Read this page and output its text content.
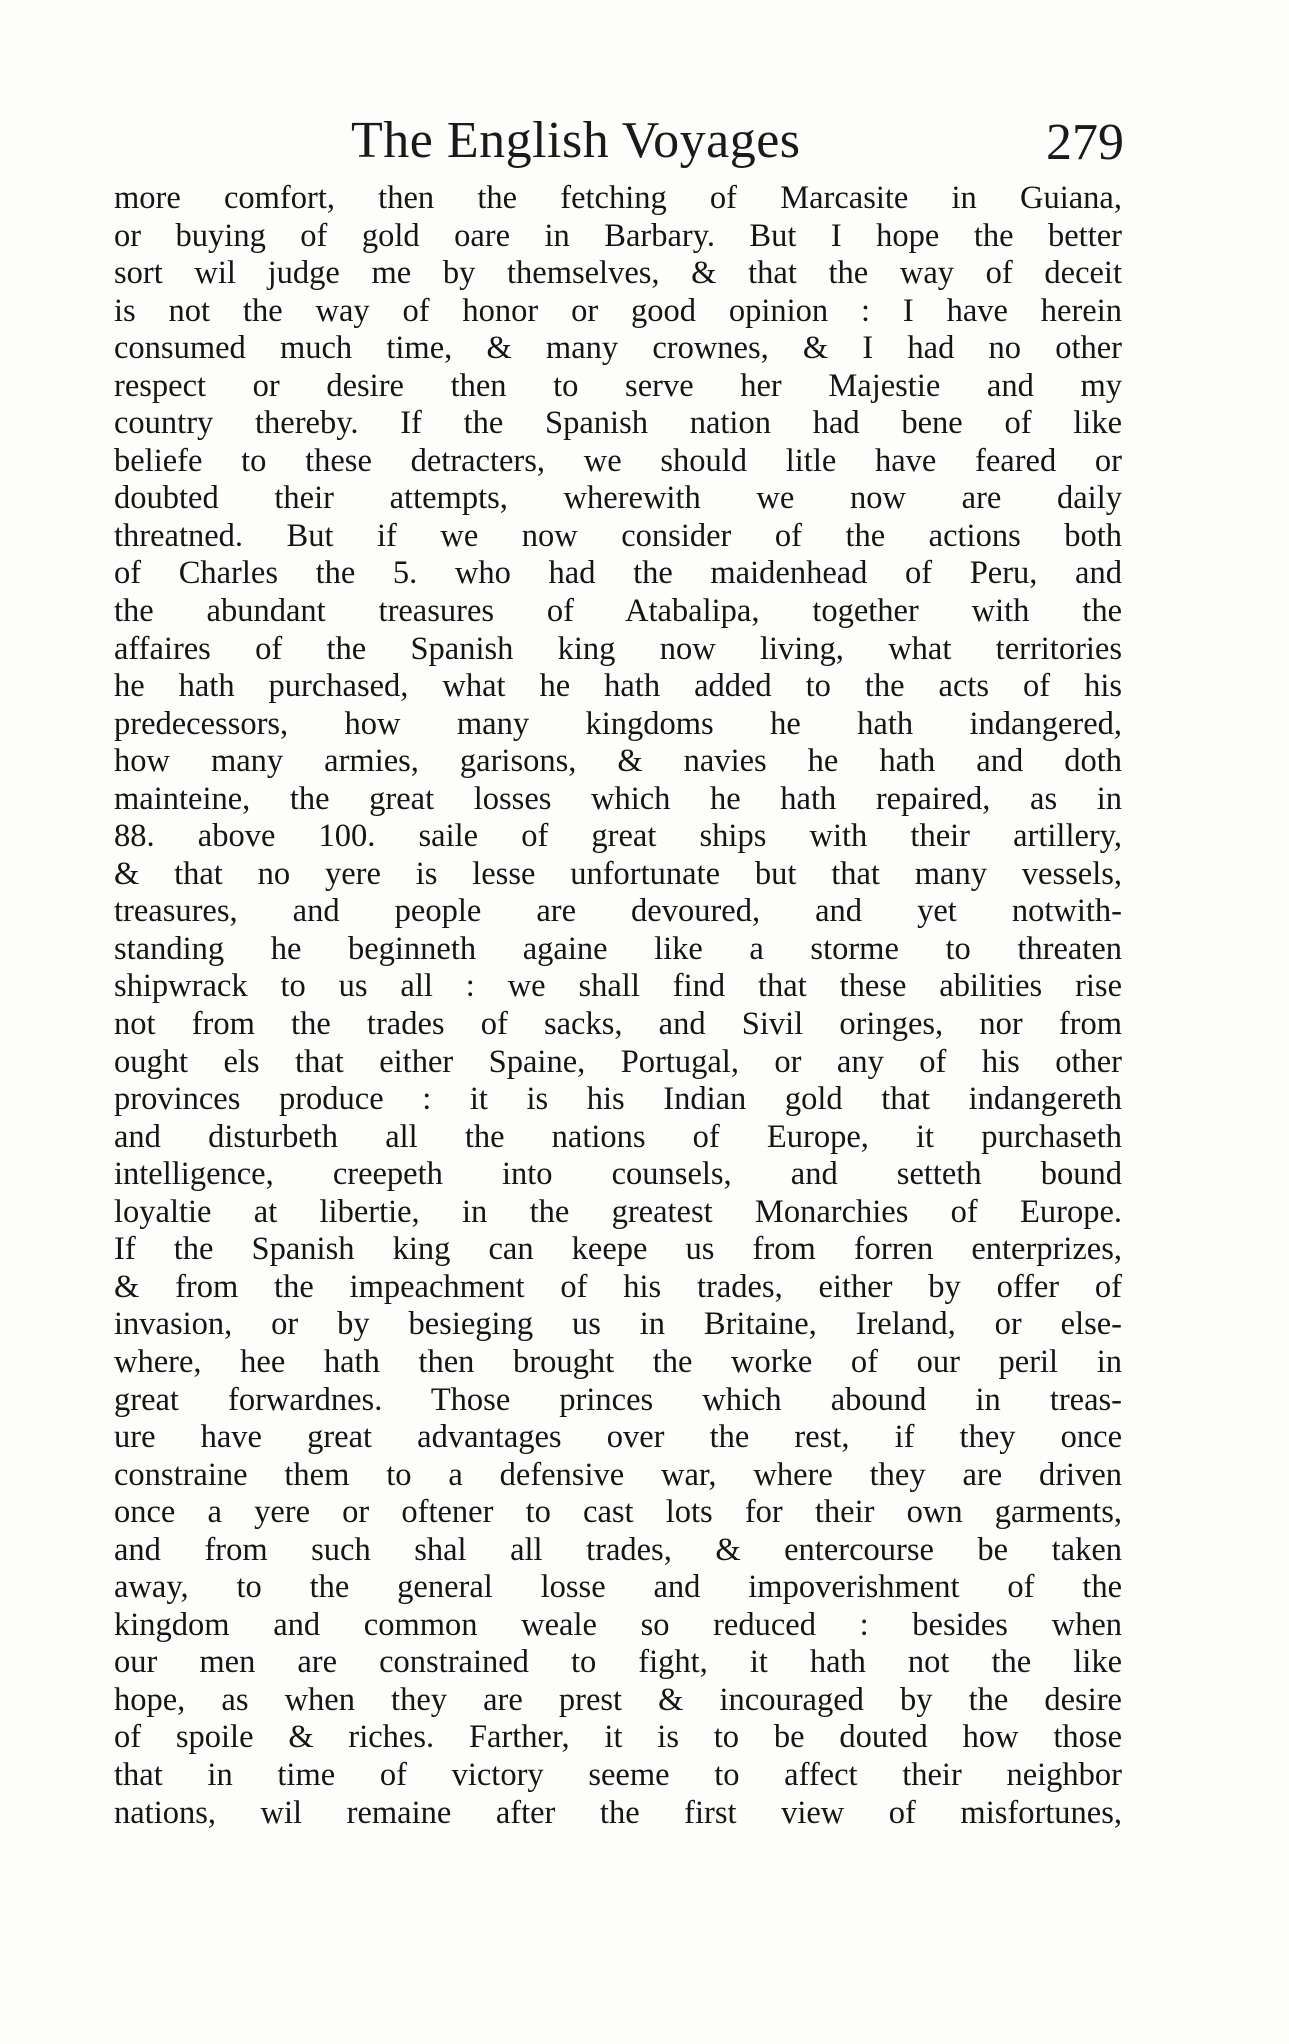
The English Voyages	279
more comfort, then the fetching of Marcasite in Guiana,
or buying of gold oare in Barbary. But I hope the better
sort wil judge me by themselves, & that the way of deceit
is not the way of honor or good opinion : I have herein
consumed much time, & many crownes, & I had no other
respect or desire then to serve her Majestie and my
country thereby. If the Spanish nation had bene of like
beliefe to these detracters, we should litle have feared or
doubted their attempts, wherewith we now are daily
threatned. But if we now consider of the actions both
of Charles the 5. who had the maidenhead of Peru, and
the abundant treasures of Atabalipa, together with the
affaires of the Spanish king now living, what territories
he hath purchased, what he hath added to the acts of his
predecessors, how many kingdoms he hath indangered,
how many armies, garisons, & navies he hath and doth
mainteine, the great losses which he hath repaired, as in
88. above 100. saile of great ships with their artillery,
& that no yere is lesse unfortunate but that many vessels,
treasures, and people are devoured, and yet notwith-
standing he beginneth againe like a storme to threaten
shipwrack to us all : we shall find that these abilities rise
not from the trades of sacks, and Sivil oringes, nor from
ought els that either Spaine, Portugal, or any of his other
provinces produce : it is his Indian gold that indangereth
and disturbeth all the nations of Europe, it purchaseth
intelligence, creepeth into counsels, and setteth bound
loyaltie at libertie, in the greatest Monarchies of Europe.
If the Spanish king can keepe us from forren enterprizes,
& from the impeachment of his trades, either by offer of
invasion, or by besieging us in Britaine, Ireland, or else-
where, hee hath then brought the worke of our peril in
great forwardnes. Those princes which abound in treas-
ure have great advantages over the rest, if they once
constraine them to a defensive war, where they are driven
once a yere or oftener to cast lots for their own garments,
and from such shal all trades, & entercourse be taken
away, to the general losse and impoverishment of the
kingdom and common weale so reduced : besides when
our men are constrained to fight, it hath not the like
hope, as when they are prest & incouraged by the desire
of spoile & riches. Farther, it is to be douted how those
that in time of victory seeme to affect their neighbor
nations, wil remaine after the first view of misfortunes,
